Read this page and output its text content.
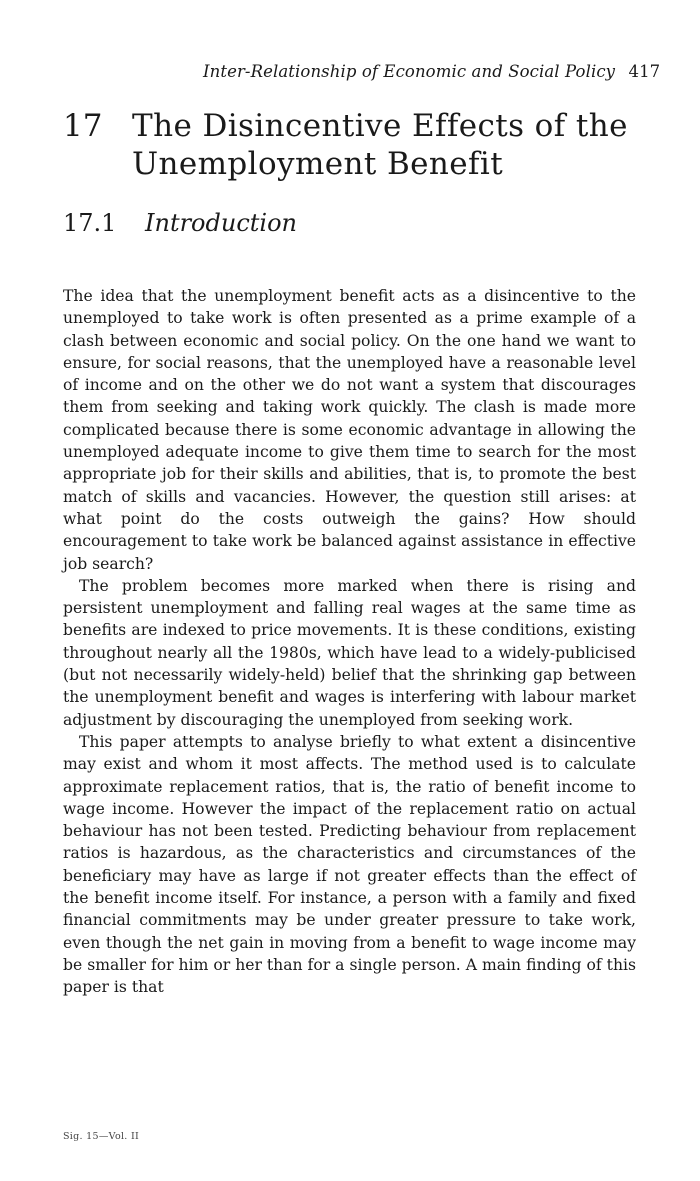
Inter-Relationship of Economic and Social Policy 417
17 The Disincentive Effects of the
Unemployment Benefit
17.1 Introduction

The idea that the unemployment benefit acts as a disincentive to the unemployed to take work is often presented as a prime example of a clash between economic and social policy. On the one hand we want to ensure, for social reasons, that the unemployed have a reasonable level of income and on the other we do not want a system that discourages them from seeking and taking work quickly. The clash is made more complicated because there is some economic advantage in allowing the unemployed adequate income to give them time to search for the most appropriate job for their skills and abilities, that is, to promote the best match of skills and vacancies. However, the question still arises: at what point do the costs outweigh the gains? How should encouragement to take work be balanced against assistance in effective job search?

The problem becomes more marked when there is rising and persistent unemployment and falling real wages at the same time as benefits are indexed to price movements. It is these conditions, existing throughout nearly all the 1980s, which have lead to a widely-publicised (but not necessarily widely-held) belief that the shrinking gap between the unemployment benefit and wages is interfering with labour market adjustment by discouraging the unemployed from seeking work.

This paper attempts to analyse briefly to what extent a disincentive may exist and whom it most affects. The method used is to calculate approximate replacement ratios, that is, the ratio of benefit income to wage income. However the impact of the replacement ratio on actual behaviour has not been tested. Predicting behaviour from replacement ratios is hazardous, as the characteristics and circumstances of the beneficiary may have as large if not greater effects than the effect of the benefit income itself. For instance, a person with a family and fixed financial commitments may be under greater pressure to take work, even though the net gain in moving from a benefit to wage income may be smaller for him or her than for a single person. A main finding of this paper is that

Sig. 15—Vol. II
